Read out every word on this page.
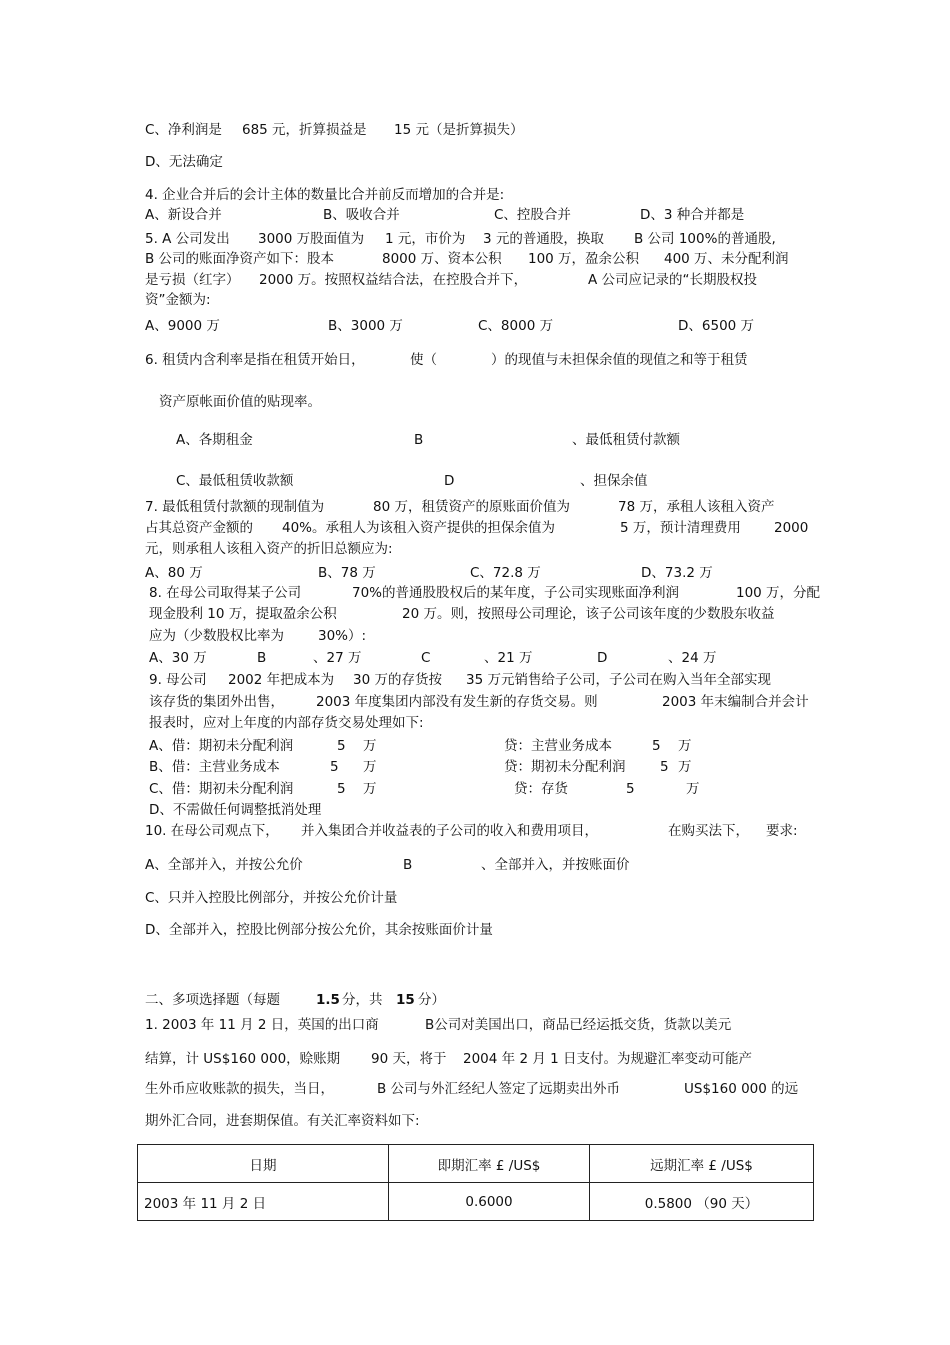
C、净利润是 685 元，折算损益是 15 元（是折算损失）
D、无法确定
4. 企业合并后的会计主体的数量比合并前反而增加的合并是:
A、新设合并	B、吸收合并	C、控股合并	D、3 种合并都是
5. A 公司发出 3000 万股面值为 1 元，市价为 3 元的普通股，换取 B 公司 100%的普通股,
B 公司的账面净资产如下：股本	8000 万、资本公积 100 万，盈余公积 400 万、未分配利润
是亏损（红字） 2000 万。按照权益结合法，在控股合并下，	A 公司应记录的“长期股权投
资”金额为:
A、9000 万	B、3000 万	C、8000 万	D、6500 万
6. 租赁内含利率是指在租赁开始日，	使（	）的现值与未担保余值的现值之和等于租赁
资产原帐面价值的贴现率。
A、各期租金	B	、最低租赁付款额
C、最低租赁收款额	D	、担保余值
7. 最低租赁付款额的现制值为	80 万，租赁资产的原账面价值为	78 万，承租人该租入资产
占其总资产金额的 40%。承租人为该租入资产提供的担保余值为	5 万，预计清理费用 2000
元，则承租人该租入资产的折旧总额应为:
A、80 万	B、78 万	C、72.8 万	D、73.2 万
8. 在母公司取得某子公司	70%的普通股股权后的某年度，子公司实现账面净利润	100 万，分配
现金股利 10 万，提取盈余公积	20 万。则，按照母公司理论，该子公司该年度的少数股东收益
应为（少数股权比率为	30%）:
A、30 万	B	、27 万	C	、21 万	D	、24 万
9. 母公司 2002 年把成本为 30 万的存货按 35 万元销售给子公司，子公司在购入当年全部实现
该存货的集团外出售， 2003 年度集团内部没有发生新的存货交易。则	2003 年末编制合并会计
报表时，应对上年度的内部存货交易处理如下:
A、借：期初未分配利润	5 万	贷：主营业务成本	5 万
B、借：主营业务成本	5 万	贷：期初未分配利润	5 万
C、借：期初未分配利润	5 万	贷：存货	5	万
D、不需做任何调整抵消处理
10. 在母公司观点下， 并入集团合并收益表的子公司的收入和费用项目，	在购买法下， 要求:
A、全部并入，并按公允价	B	、全部并入，并按账面价
C、只并入控股比例部分，并按公允价计量
D、全部并入，控股比例部分按公允价，其余按账面价计量
二、多项选择题（每题	1.5 分，共 15 分）
1. 2003 年 11 月 2 日，英国的出口商	B公司对美国出口，商品已经运抵交货，货款以美元
结算，计 US$160 000，赊账期 90 天，将于 2004 年 2 月 1 日支付。为规避汇率变动可能产
生外币应收账款的损失，当日，	B 公司与外汇经纪人签定了远期卖出外币	US$160 000 的远
期外汇合同，进套期保值。有关汇率资料如下:
日期	即期汇率 £ /US$	远期汇率 £ /US$
2003 年 11 月 2 日	0.6000	0.5800 （90 天）
